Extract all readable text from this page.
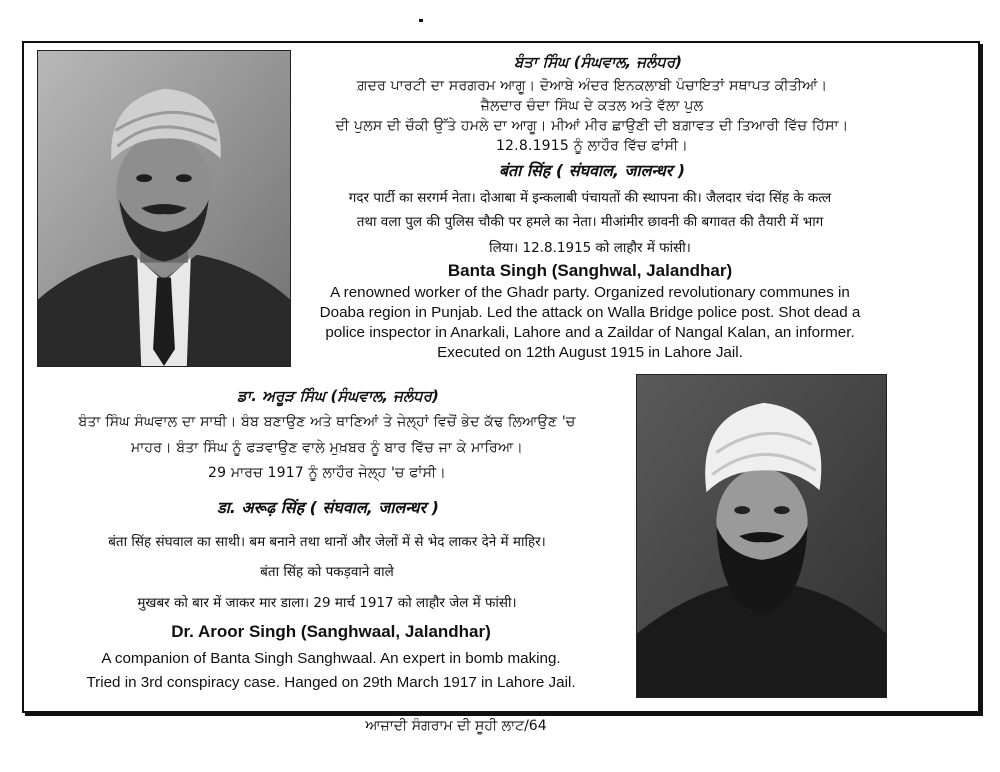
ਬੰਤਾ ਸਿੰਘ (ਸੰਘਵਾਲ, ਜਲੰਧਰ)

ਗ਼ਦਰ ਪਾਰਟੀ ਦਾ ਸਰਗਰਮ ਆਗੂ। ਦੋਆਬੇ ਅੰਦਰ ਇਨਕਲਾਬੀ ਪੰਚਾਇਤਾਂ ਸਥਾਪਤ ਕੀਤੀਆਂ।

ਜ਼ੈਲਦਾਰ ਚੰਦਾ ਸਿੰਘ ਦੇ ਕਤਲ ਅਤੇ ਵੱਲਾ ਪੁਲ

ਦੀ ਪੁਲਸ ਦੀ ਚੌਕੀ ਉੱਤੇ ਹਮਲੇ ਦਾ ਆਗੂ। ਮੀਆਂ ਮੀਰ ਛਾਉਣੀ ਦੀ ਬਗ਼ਾਵਤ ਦੀ ਤਿਆਰੀ ਵਿੱਚ ਹਿੱਸਾ।

12.8.1915 ਨੂੰ ਲਾਹੌਰ ਵਿੱਚ ਫਾਂਸੀ।

बंता सिंह ( संघवाल, जालन्धर )

गदर पार्टी का सरगर्म नेता। दोआबा में इन्कलाबी पंचायतों की स्थापना की। जैलदार चंदा सिंह के कत्ल

तथा वला पुल की पुलिस चौकी पर हमले का नेता। मीआंमीर छावनी की बगावत की तैयारी में भाग

लिया। 12.8.1915 को लाहौर में फांसी।

Banta Singh (Sanghwal, Jalandhar)

A renowned worker of the Ghadr party. Organized revolutionary communes in

Doaba region in Punjab. Led the attack on Walla Bridge police post. Shot dead a

police inspector in Anarkali, Lahore and a Zaildar of Nangal Kalan, an informer.

Executed on 12th August 1915 in Lahore Jail.

ਡਾ. ਅਰੂੜ ਸਿੰਘ (ਸੰਘਵਾਲ, ਜਲੰਧਰ)

ਬੰਤਾ ਸਿੰਘ ਸੰਘਵਾਲ ਦਾ ਸਾਥੀ। ਬੰਬ ਬਣਾਉਣ ਅਤੇ ਥਾਣਿਆਂ ਤੇ ਜੇਲ੍ਹਾਂ ਵਿਚੋਂ ਭੇਦ ਕੱਢ ਲਿਆਉਣ 'ਚ

ਮਾਹਰ। ਬੰਤਾ ਸਿੰਘ ਨੂੰ ਫੜਵਾਉਣ ਵਾਲੇ ਮੁਖ਼ਬਰ ਨੂੰ ਬਾਰ ਵਿੱਚ ਜਾ ਕੇ ਮਾਰਿਆ।

29 ਮਾਰਚ 1917 ਨੂੰ ਲਾਹੌਰ ਜੇਲ੍ਹ 'ਚ ਫਾਂਸੀ।

डा. अरूढ़ सिंह ( संघवाल, जालन्धर )

बंता सिंह संघवाल का साथी। बम बनाने तथा थानों और जेलों में से भेद लाकर देने में माहिर।

बंता सिंह को पकड़वाने वाले

मुखबर को बार में जाकर मार डाला। 29 मार्च 1917 को लाहौर जेल में फांसी।

Dr. Aroor Singh (Sanghwaal, Jalandhar)

A companion of Banta Singh Sanghwaal. An expert in bomb making.

Tried in 3rd conspiracy case. Hanged on 29th March 1917 in Lahore Jail.

ਆਜ਼ਾਦੀ ਸੰਗਰਾਮ ਦੀ ਸੂਹੀ ਲਾਟ/64
